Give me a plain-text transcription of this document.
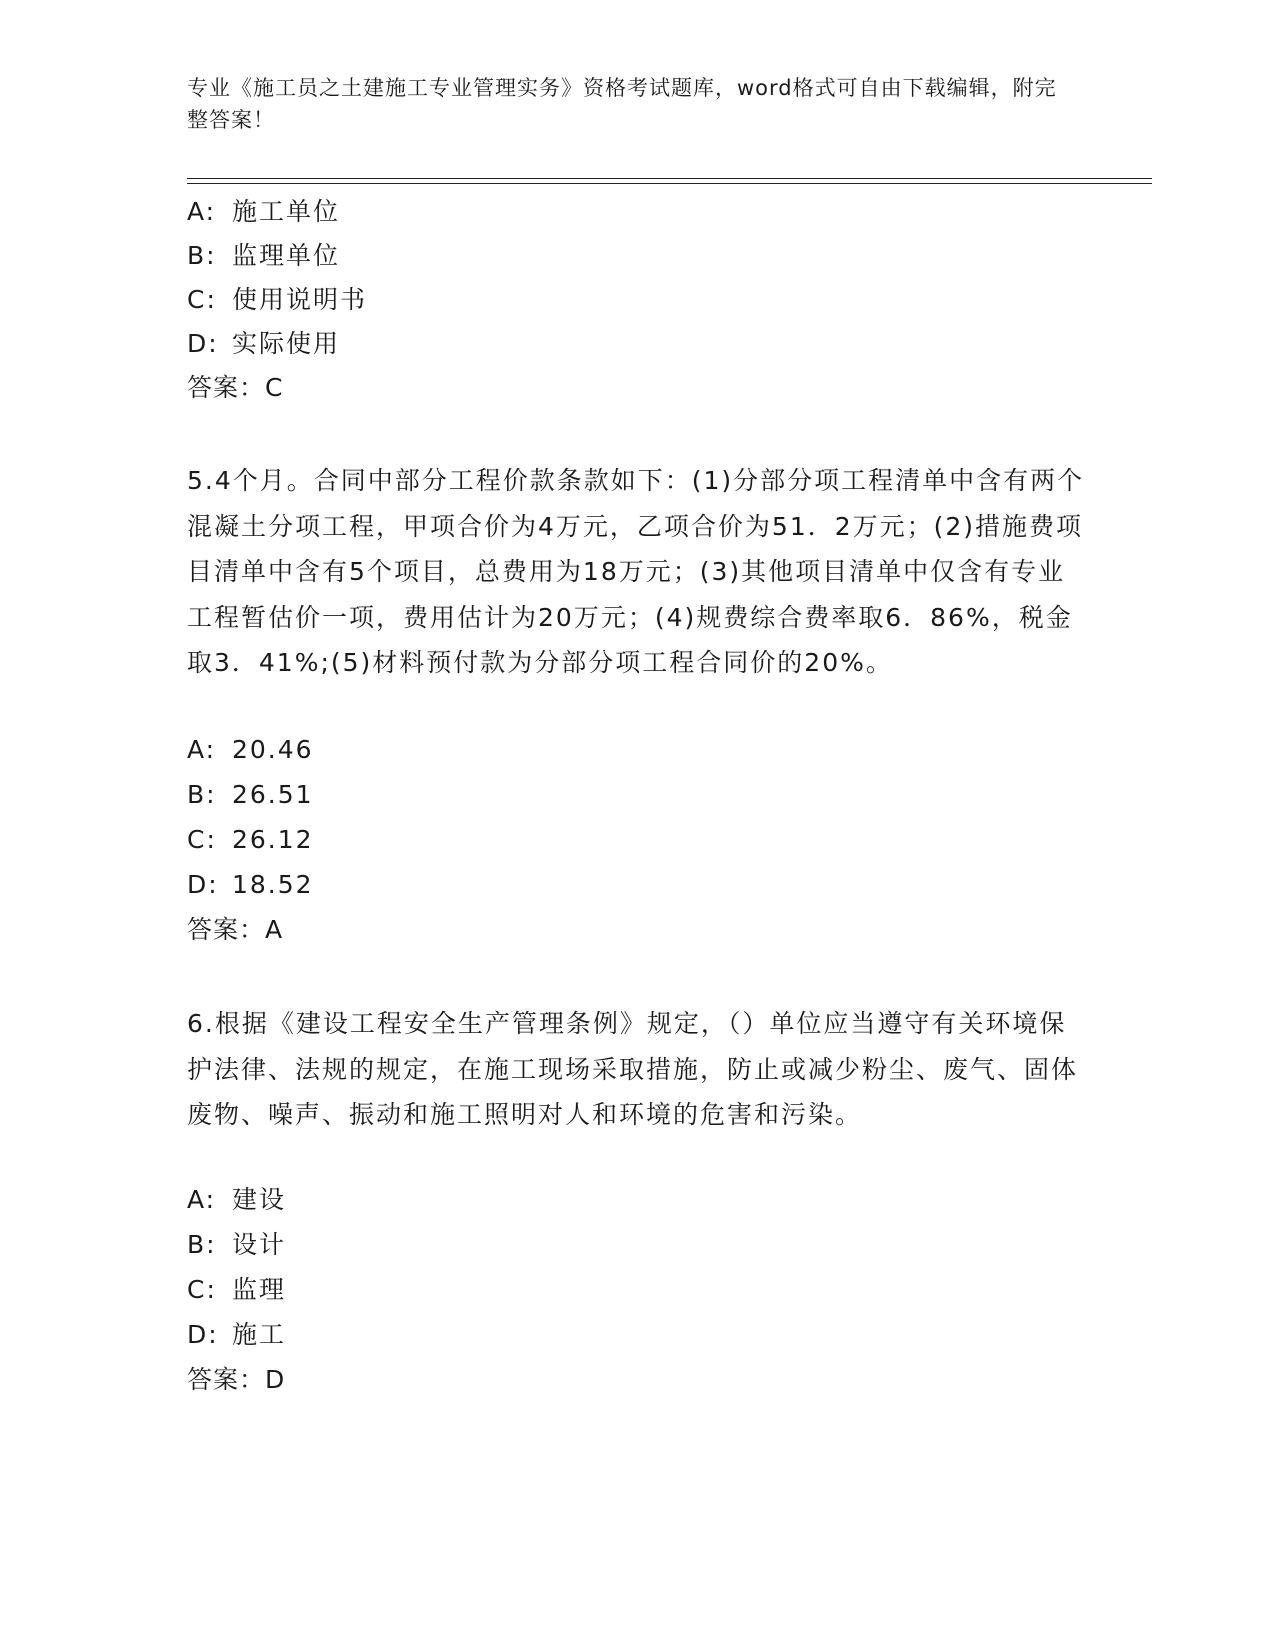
专业《施工员之土建施工专业管理实务》资格考试题库，word格式可自由下载编辑，附完整答案！
A: 施工单位
B: 监理单位
C: 使用说明书
D: 实际使用
答案：C
5.4个月。合同中部分工程价款条款如下：(1)分部分项工程清单中含有两个混凝土分项工程，甲项合价为4万元，乙项合价为51．2万元；(2)措施费项目清单中含有5个项目，总费用为18万元；(3)其他项目清单中仅含有专业工程暂估价一项，费用估计为20万元；(4)规费综合费率取6．86%，税金取3．41%;(5)材料预付款为分部分项工程合同价的20%。
A: 20.46
B: 26.51
C: 26.12
D: 18.52
答案：A
6.根据《建设工程安全生产管理条例》规定，（）单位应当遵守有关环境保护法律、法规的规定，在施工现场采取措施，防止或减少粉尘、废气、固体废物、噪声、振动和施工照明对人和环境的危害和污染。
A: 建设
B: 设计
C: 监理
D: 施工
答案：D
